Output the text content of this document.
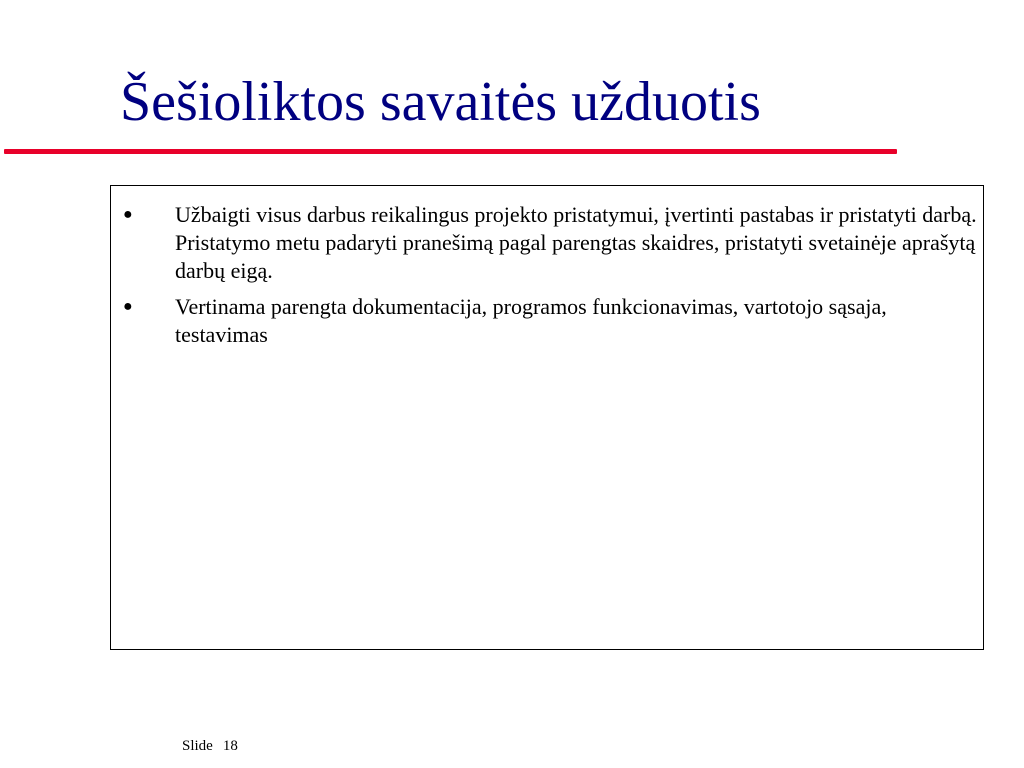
Šešioliktos savaitės užduotis
● Užbaigti visus darbus reikalingus projekto pristatymui, įvertinti pastabas ir pristatyti darbą. Pristatymo metu padaryti pranešimą pagal parengtas skaidres, pristatyti svetainėje aprašytą darbų eigą.
● Vertinama parengta dokumentacija, programos funkcionavimas, vartotojo sąsaja, testavimas
Slide 18
